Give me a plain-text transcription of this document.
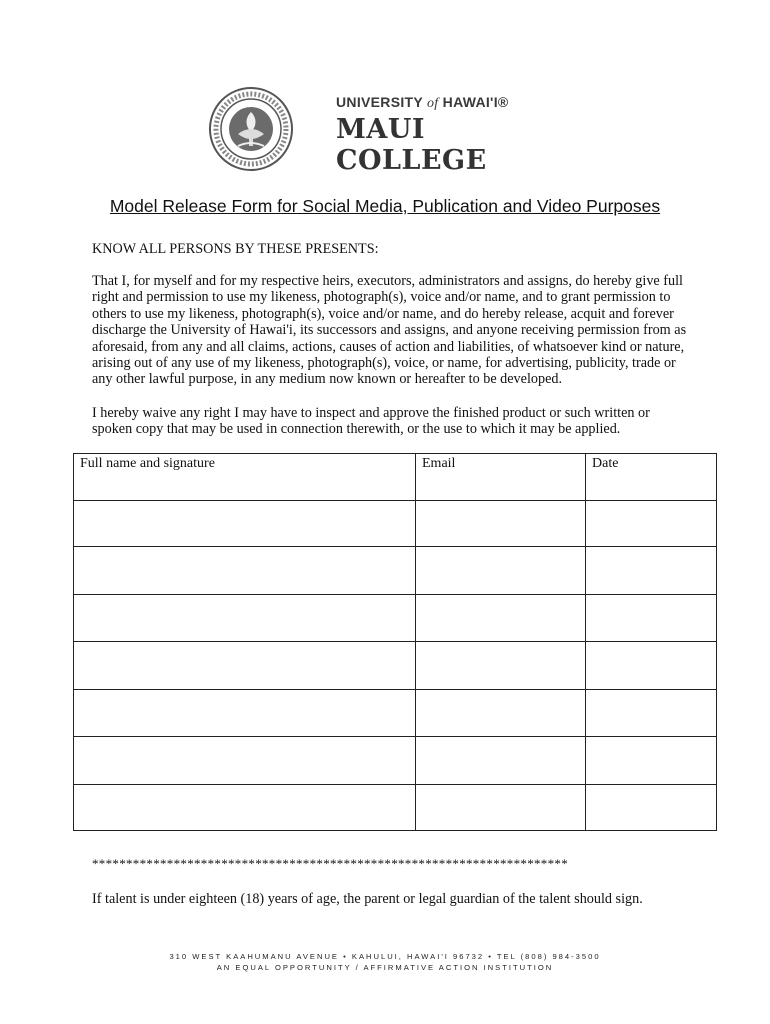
UNIVERSITY of HAWAI'I®
MAUI COLLEGE
Model Release Form for Social Media, Publication and Video Purposes

KNOW ALL PERSONS BY THESE PRESENTS:

That I, for myself and for my respective heirs, executors, administrators and assigns, do hereby give full right and permission to use my likeness, photograph(s), voice and/or name, and to grant permission to others to use my likeness, photograph(s), voice and/or name, and do hereby release, acquit and forever discharge the University of Hawai'i, its successors and assigns, and anyone receiving permission from as aforesaid, from any and all claims, actions, causes of action and liabilities, of whatsoever kind or nature, arising out of any use of my likeness, photograph(s), voice, or name, for advertising, publicity, trade or any other lawful purpose, in any medium now known or hereafter to be developed.

I hereby waive any right I may have to inspect and approve the finished product or such written or spoken copy that may be used in connection therewith, or the use to which it may be applied.

Full name and signature	Email	Date

**********************************************************************
If talent is under eighteen (18) years of age, the parent or legal guardian of the talent should sign.
310 WEST KAAHUMANU AVENUE • KAHULUI, HAWAI'I 96732 • TEL (808) 984-3500
AN EQUAL OPPORTUNITY / AFFIRMATIVE ACTION INSTITUTION
